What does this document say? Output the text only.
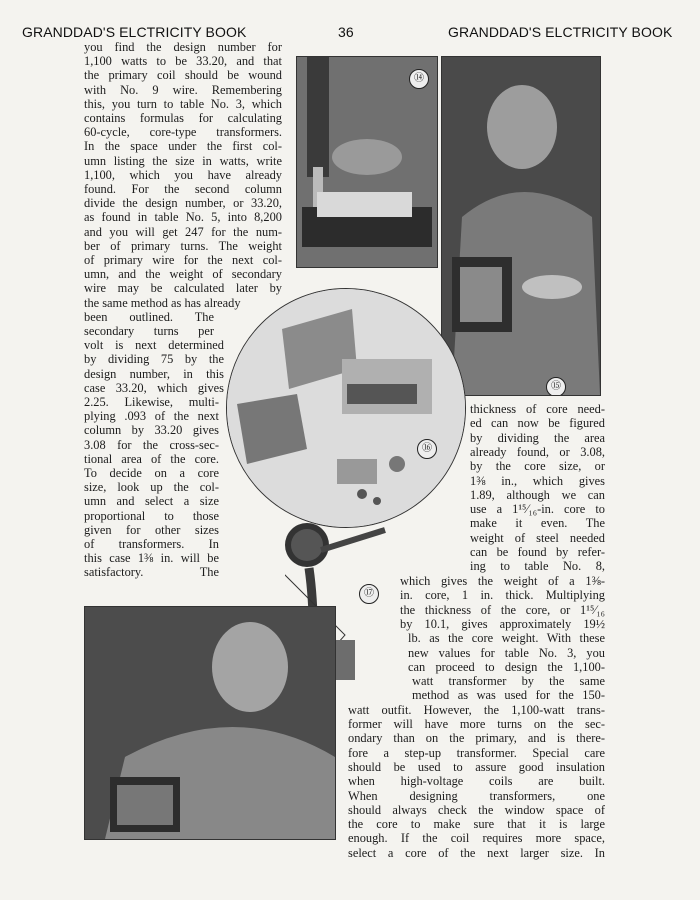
GRANDDAD'S ELCTRICITY BOOK	36	GRANDDAD'S ELCTRICITY BOOK
⑭
⑮
⑯
⑰
you find the design number for
1,100 watts to be 33.20, and that
the primary coil should be wound
with No. 9 wire. Remembering
this, you turn to table No. 3, which
contains formulas for calculating
60-cycle, core-type transformers.
In the space under the first col-
umn listing the size in watts, write
1,100, which you have already
found. For the second column
divide the design number, or 33.20,
as found in table No. 5, into 8,200
and you will get 247 for the num-
ber of primary turns. The weight
of primary wire for the next col-
umn, and the weight of secondary
wire may be calculated later by
the same method as has already
been outlined. The
secondary turns per
volt is next determined
by dividing 75 by the
design number, in this
case 33.20, which gives
2.25. Likewise, multi-
plying .093 of the next
column by 33.20 gives
3.08 for the cross-sec-
tional area of the core.
To decide on a core
size, look up the col-
umn and select a size
proportional to those
given for other sizes
of transformers. In
this case 1⅜ in. will be
satisfactory. The
thickness of core need-
ed can now be figured
by dividing the area
already found, or 3.08,
by the core size, or
1⅜ in., which gives
1.89, although we can
use a 1¹⁵⁄₁₆-in. core to
make it even. The
weight of steel needed
can be found by refer-
ing to table No. 8,
which gives the weight of a 1⅜-
in. core, 1 in. thick. Multiplying
the thickness of the core, or 1¹⁵⁄₁₆
by 10.1, gives approximately 19½
lb. as the core weight. With these
new values for table No. 3, you
can proceed to design the 1,100-
watt transformer by the same
method as was used for the 150-
watt outfit. However, the 1,100-watt trans-
former will have more turns on the sec-
ondary than on the primary, and is there-
fore a step-up transformer. Special care
should be used to assure good insulation
when high-voltage coils are built.
When designing transformers, one
should always check the window space of
the core to make sure that it is large
enough. If the coil requires more space,
select a core of the next larger size. In
